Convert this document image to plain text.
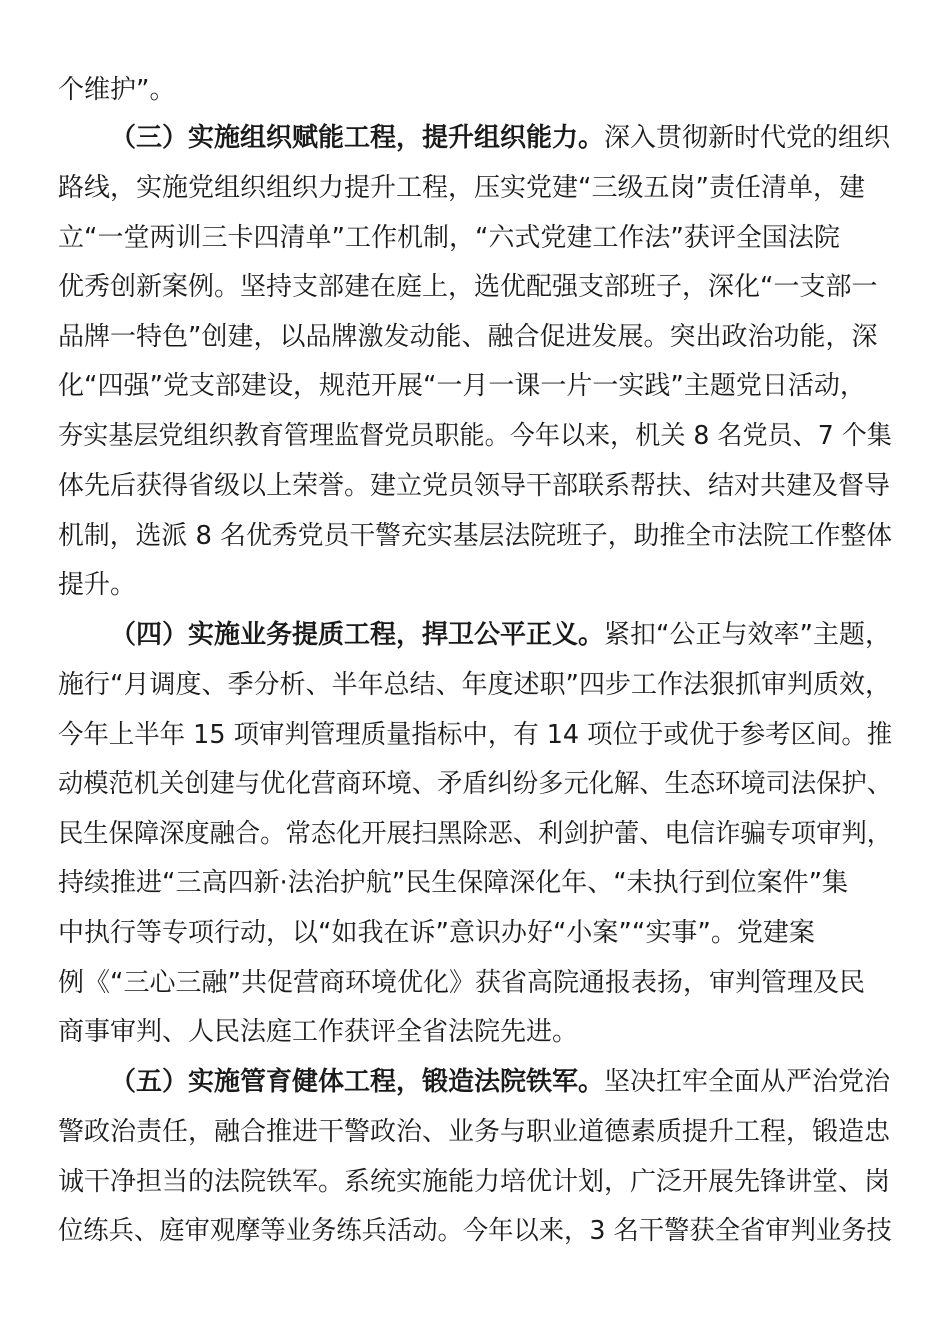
个维护”。
（三）实施组织赋能工程，提升组织能力。深入贯彻新时代党的组织
路线，实施党组织组织力提升工程，压实党建“三级五岗”责任清单，建
立“一堂两训三卡四清单”工作机制，“六式党建工作法”获评全国法院
优秀创新案例。坚持支部建在庭上，选优配强支部班子，深化“一支部一
品牌一特色”创建，以品牌激发动能、融合促进发展。突出政治功能，深
化“四强”党支部建设，规范开展“一月一课一片一实践”主题党日活动，
夯实基层党组织教育管理监督党员职能。今年以来，机关 8 名党员、7 个集
体先后获得省级以上荣誉。建立党员领导干部联系帮扶、结对共建及督导
机制，选派 8 名优秀党员干警充实基层法院班子，助推全市法院工作整体
提升。
（四）实施业务提质工程，捍卫公平正义。紧扣“公正与效率”主题，
施行“月调度、季分析、半年总结、年度述职”四步工作法狠抓审判质效，
今年上半年 15 项审判管理质量指标中，有 14 项位于或优于参考区间。推
动模范机关创建与优化营商环境、矛盾纠纷多元化解、生态环境司法保护、
民生保障深度融合。常态化开展扫黑除恶、利剑护蕾、电信诈骗专项审判，
持续推进“三高四新·法治护航”民生保障深化年、“未执行到位案件”集
中执行等专项行动，以“如我在诉”意识办好“小案”“实事”。党建案
例《“三心三融”共促营商环境优化》获省高院通报表扬，审判管理及民
商事审判、人民法庭工作获评全省法院先进。
（五）实施管育健体工程，锻造法院铁军。坚决扛牢全面从严治党治
警政治责任，融合推进干警政治、业务与职业道德素质提升工程，锻造忠
诚干净担当的法院铁军。系统实施能力培优计划，广泛开展先锋讲堂、岗
位练兵、庭审观摩等业务练兵活动。今年以来，3 名干警获全省审判业务技
